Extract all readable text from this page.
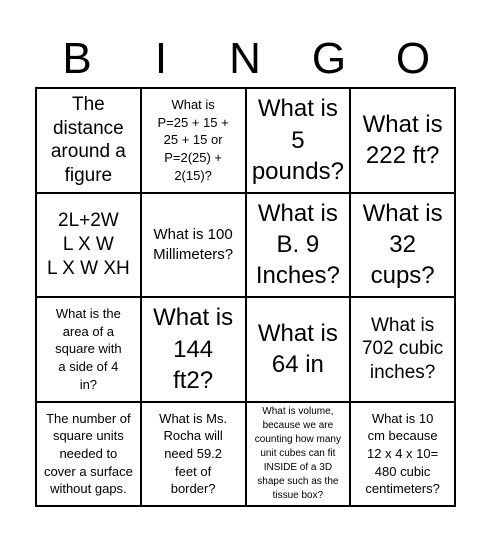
B	I	N	G	O
The
distance
around a
figure
What is
P=25 + 15 +
25 + 15 or
P=2(25) +
2(15)?
What is
5
pounds?
What is
222 ft?
2L+2W
L X W
L X W XH
What is 100
Millimeters?
What is
B. 9
Inches?
What is
32
cups?
What is the
area of a
square with
a side of 4
in?
What is
144
ft2?
What is
64 in
What is
702 cubic
inches?
The number of
square units
needed to
cover a surface
without gaps.
What is Ms.
Rocha will
need 59.2
feet of
border?
What is volume,
because we are
counting how many
unit cubes can fit
INSIDE of a 3D
shape such as the
tissue box?
What is 10
cm because
12 x 4 x 10=
480 cubic
centimeters?
